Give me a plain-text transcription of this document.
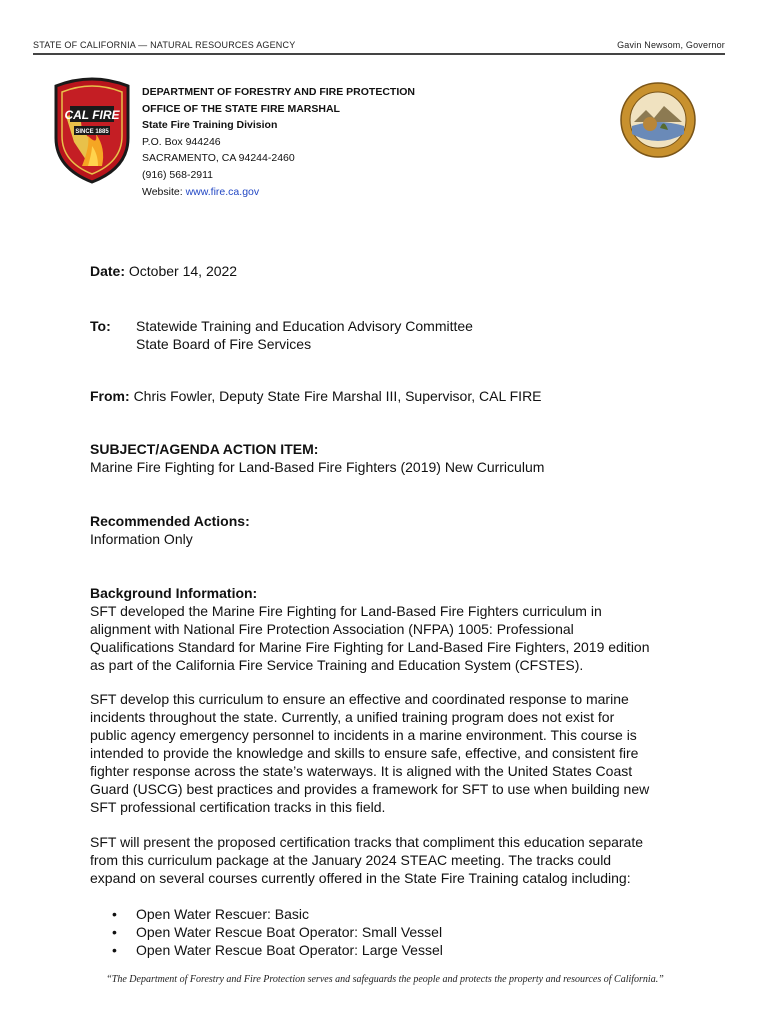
STATE OF CALIFORNIA — NATURAL RESOURCES AGENCY	Gavin Newsom, Governor
CAL FIRE
SINCE 1885
DEPARTMENT OF FORESTRY AND FIRE PROTECTION
OFFICE OF THE STATE FIRE MARSHAL
State Fire Training Division
P.O. Box 944246
SACRAMENTO, CA 94244-2460
(916) 568-2911
Website: www.fire.ca.gov
Date: October 14, 2022
To: Statewide Training and Education Advisory Committee
State Board of Fire Services
From: Chris Fowler, Deputy State Fire Marshal III, Supervisor, CAL FIRE
SUBJECT/AGENDA ACTION ITEM:
Marine Fire Fighting for Land-Based Fire Fighters (2019) New Curriculum
Recommended Actions:
Information Only
Background Information:
SFT developed the Marine Fire Fighting for Land-Based Fire Fighters curriculum in
alignment with National Fire Protection Association (NFPA) 1005: Professional
Qualifications Standard for Marine Fire Fighting for Land-Based Fire Fighters, 2019 edition
as part of the California Fire Service Training and Education System (CFSTES).
SFT develop this curriculum to ensure an effective and coordinated response to marine
incidents throughout the state. Currently, a unified training program does not exist for
public agency emergency personnel to incidents in a marine environment. This course is
intended to provide the knowledge and skills to ensure safe, effective, and consistent fire
fighter response across the state’s waterways. It is aligned with the United States Coast
Guard (USCG) best practices and provides a framework for SFT to use when building new
SFT professional certification tracks in this field.
SFT will present the proposed certification tracks that compliment this education separate
from this curriculum package at the January 2024 STEAC meeting. The tracks could
expand on several courses currently offered in the State Fire Training catalog including:
•	Open Water Rescuer: Basic
•	Open Water Rescue Boat Operator: Small Vessel
•	Open Water Rescue Boat Operator: Large Vessel
“The Department of Forestry and Fire Protection serves and safeguards the people and protects the property and resources of California.”
